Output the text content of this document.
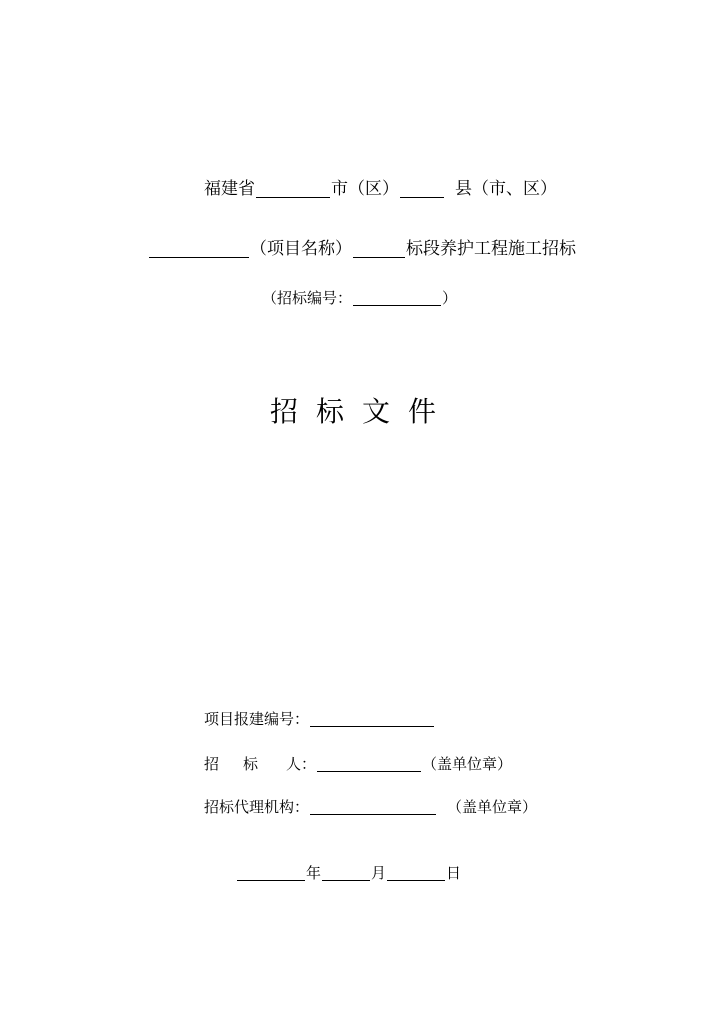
福建省	市（区）	县（市、区）
（项目名称）	标段养护工程施工招标
（招标编号：	）
招标文件
项目报建编号：
招 标 人：	（盖单位章）
招标代理机构：	（盖单位章）
年	月	日
